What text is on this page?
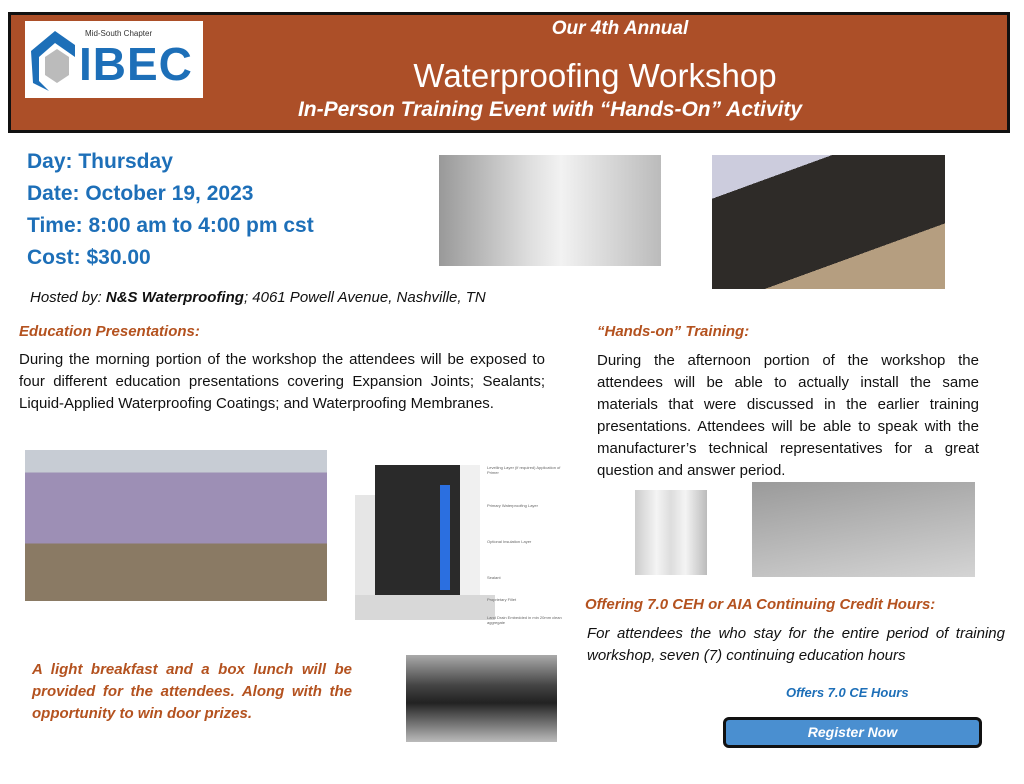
Mid-South Chapter
IBEC
Our 4th Annual
Waterproofing Workshop
In-Person Training Event with “Hands-On” Activity
Day: Thursday
Date: October 19, 2023
Time: 8:00 am to 4:00 pm cst
Cost: $30.00
Hosted by: N&S Waterproofing; 4061 Powell Avenue, Nashville, TN
Education Presentations:
During the morning portion of the workshop the attendees will be exposed to four different education presentations covering Expansion Joints; Sealants; Liquid-Applied Waterproofing Coatings; and Waterproofing Membranes.
“Hands-on” Training:
During the afternoon portion of the workshop the attendees will be able to actually install the same materials that were discussed in the earlier training presentations. Attendees will be able to speak with the manufacturer’s technical representatives for a great question and answer period.
Levelling Layer (if required) Application of Primer
Primary Waterproofing Layer
Optional Insulation Layer
Sealant
Proprietary Fillet
Land Drain Embedded in min 20mm clean aggregate
A light breakfast and a box lunch will be provided for the attendees. Along with the opportunity to win door prizes.
Offering 7.0 CEH or AIA Continuing Credit Hours:
For attendees the who stay for the entire period of training workshop, seven (7) continuing education hours
Offers 7.0 CE Hours
Register Now
